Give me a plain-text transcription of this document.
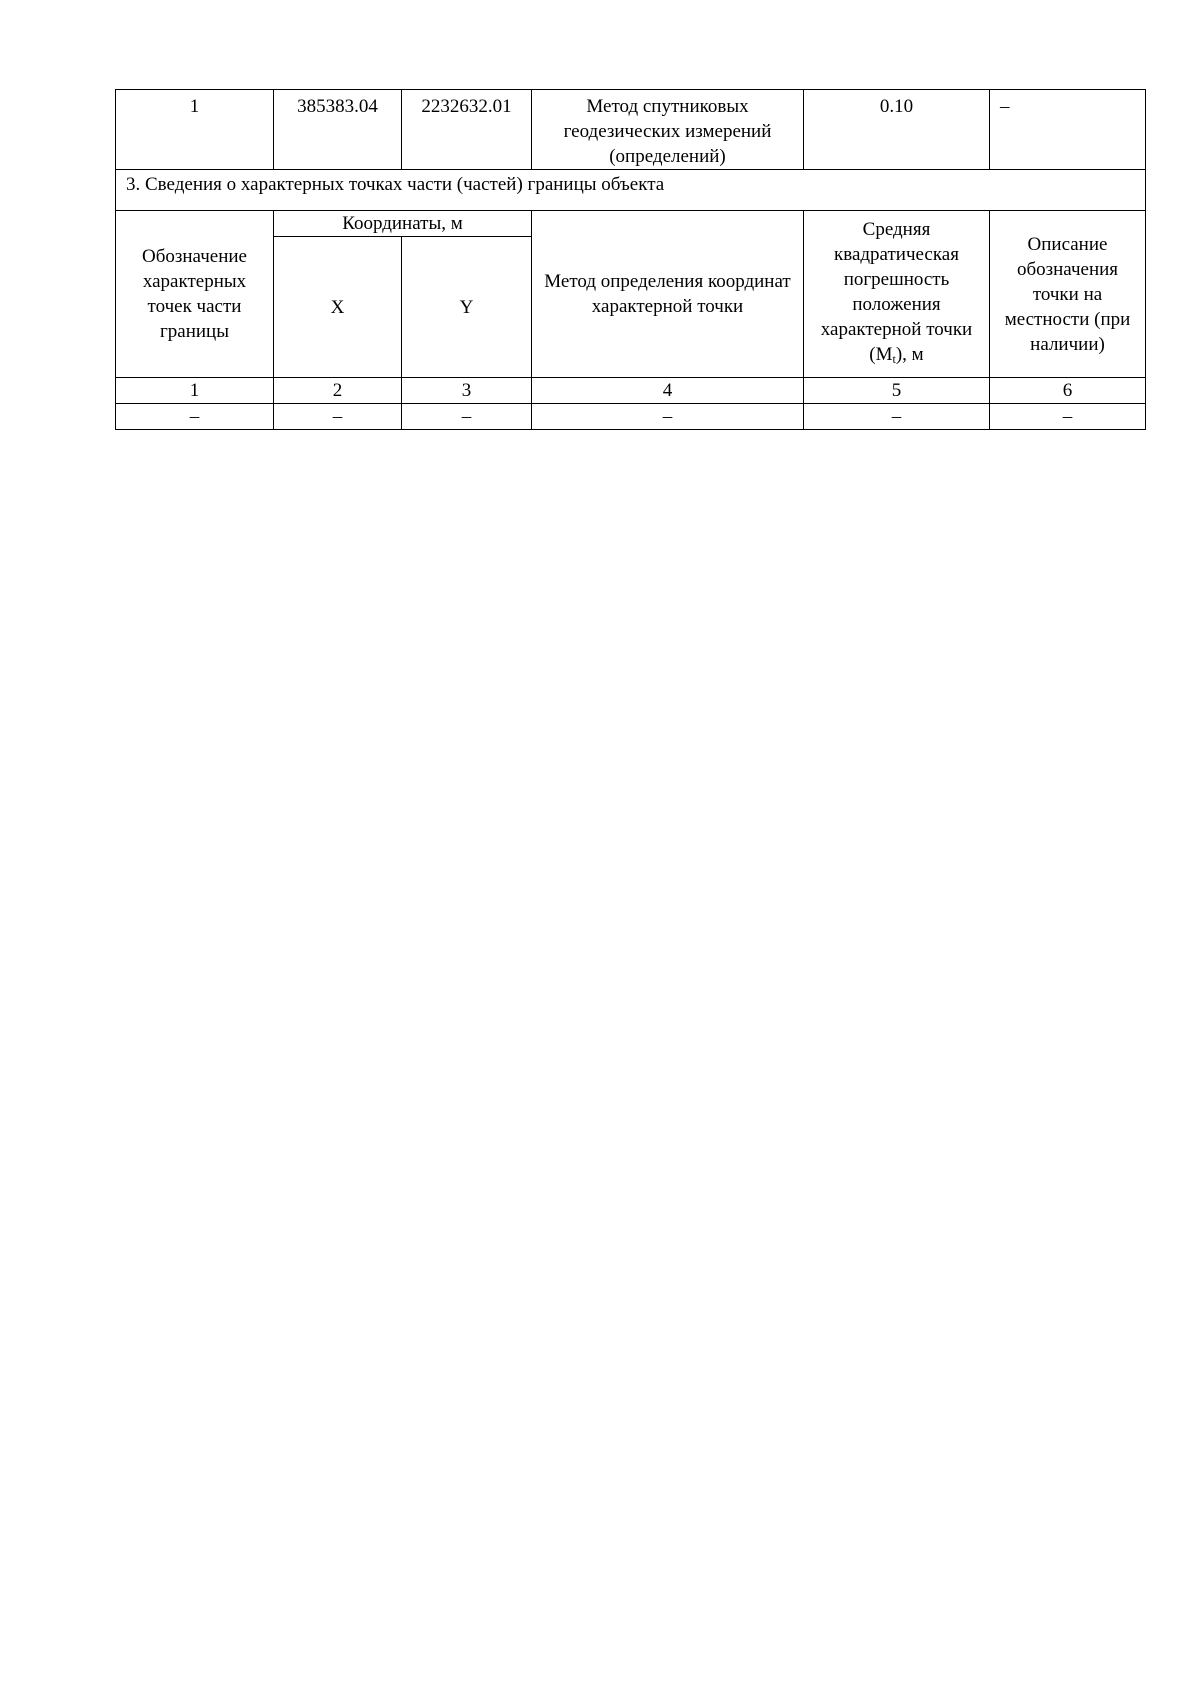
1	385383.04	2232632.01	Метод спутниковых геодезических измерений (определений)	0.10	–
3. Сведения о характерных точках части (частей) границы объекта					
Обозначение характерных точек части границы	Координаты, м		Метод определения координат характерной точки	Средняя квадратическая погрешность положения характерной точки $(M_t)$, м	Описание обозначения точки на местности (при наличии)
	X	Y			
1	2	3	4	5	6
–	–	–	–	–	–
